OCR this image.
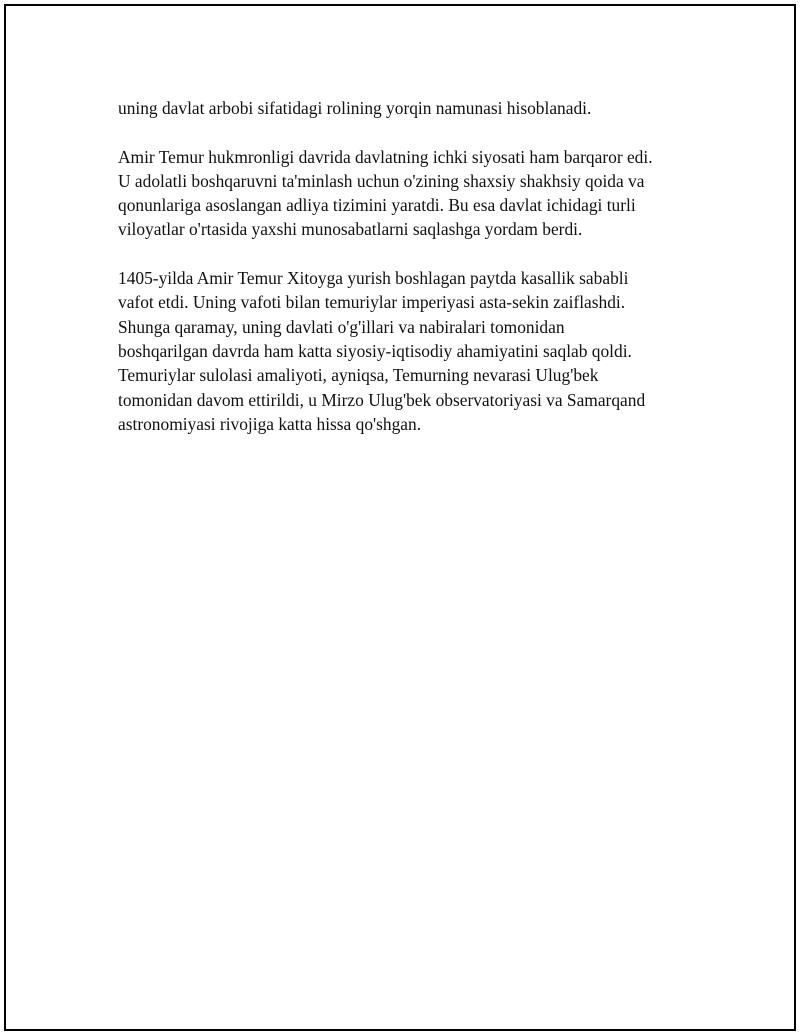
uning davlat arbobi sifatidagi rolining yorqin namunasi hisoblanadi.

Amir Temur hukmronligi davrida davlatning ichki siyosati ham barqaror edi.
U adolatli boshqaruvni ta'minlash uchun o'zining shaxsiy shakhsiy qoida va
qonunlariga asoslangan adliya tizimini yaratdi. Bu esa davlat ichidagi turli
viloyatlar o'rtasida yaxshi munosabatlarni saqlashga yordam berdi.

1405-yilda Amir Temur Xitoyga yurish boshlagan paytda kasallik sababli
vafot etdi. Uning vafoti bilan temuriylar imperiyasi asta-sekin zaiflashdi.
Shunga qaramay, uning davlati o'g'illari va nabiralari tomonidan
boshqarilgan davrda ham katta siyosiy-iqtisodiy ahamiyatini saqlab qoldi.
Temuriylar sulolasi amaliyoti, ayniqsa, Temurning nevarasi Ulug'bek
tomonidan davom ettirildi, u Mirzo Ulug'bek observatoriyasi va Samarqand
astronomiyasi rivojiga katta hissa qo'shgan.
